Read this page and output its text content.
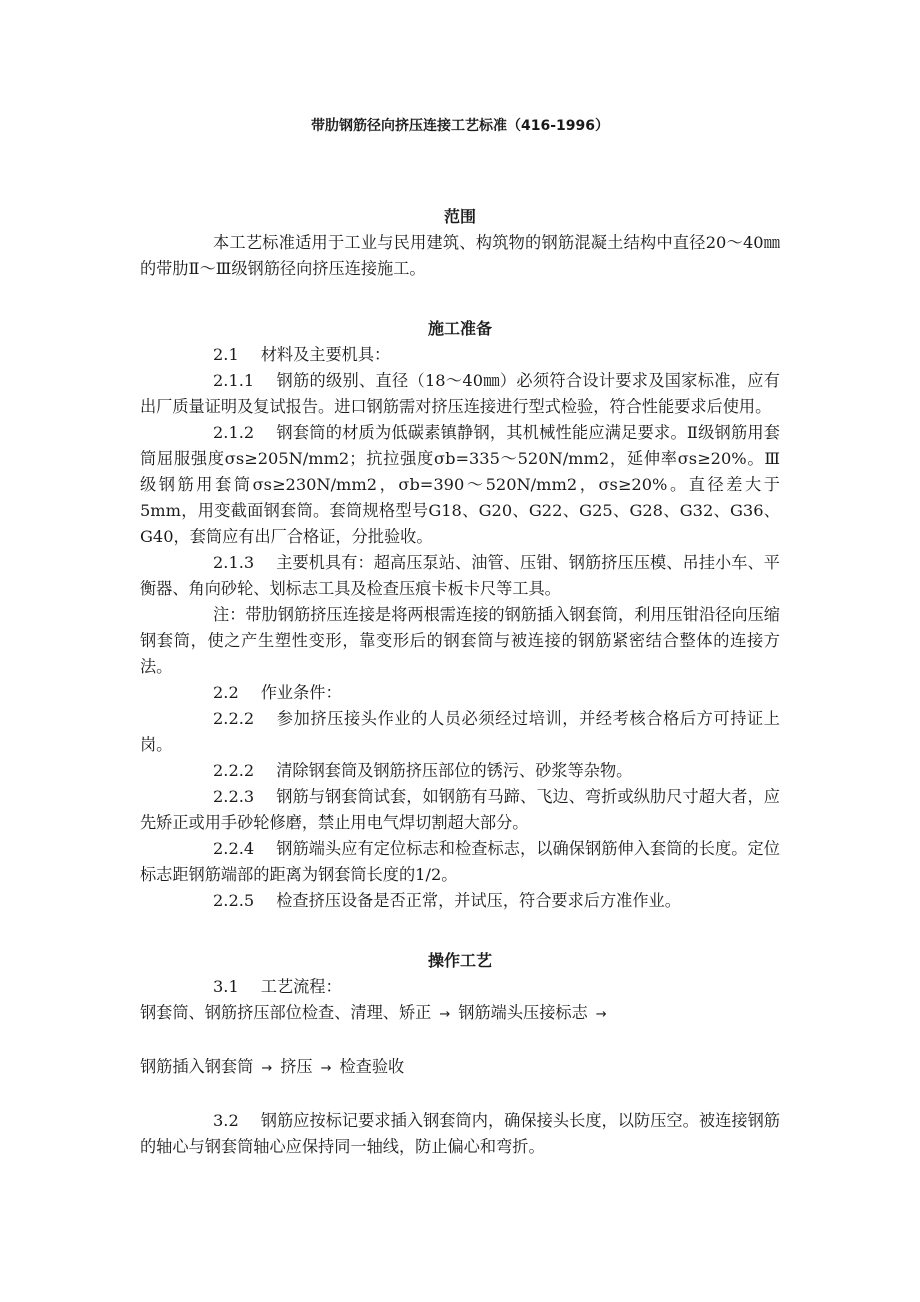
带肋钢筋径向挤压连接工艺标准（416-1996）

范围

本工艺标准适用于工业与民用建筑、构筑物的钢筋混凝土结构中直径20～40㎜的带肋Ⅱ～Ⅲ级钢筋径向挤压连接施工。

施工准备

2.1 材料及主要机具：

2.1.1 钢筋的级别、直径（18～40㎜）必须符合设计要求及国家标准，应有出厂质量证明及复试报告。进口钢筋需对挤压连接进行型式检验，符合性能要求后使用。

2.1.2 钢套筒的材质为低碳素镇静钢，其机械性能应满足要求。Ⅱ级钢筋用套筒屈服强度σs≥205N/mm2；抗拉强度σb=335～520N/mm2，延伸率σs≥20%。Ⅲ级钢筋用套筒σs≥230N/mm2，σb=390～520N/mm2，σs≥20%。直径差大于5mm，用变截面钢套筒。套筒规格型号G18、G20、G22、G25、G28、G32、G36、G40，套筒应有出厂合格证，分批验收。

2.1.3 主要机具有：超高压泵站、油管、压钳、钢筋挤压压模、吊挂小车、平衡器、角向砂轮、划标志工具及检查压痕卡板卡尺等工具。

注：带肋钢筋挤压连接是将两根需连接的钢筋插入钢套筒，利用压钳沿径向压缩钢套筒，使之产生塑性变形，靠变形后的钢套筒与被连接的钢筋紧密结合整体的连接方法。

2.2 作业条件：

2.2.2 参加挤压接头作业的人员必须经过培训，并经考核合格后方可持证上岗。

2.2.2 清除钢套筒及钢筋挤压部位的锈污、砂浆等杂物。

2.2.3 钢筋与钢套筒试套，如钢筋有马蹄、飞边、弯折或纵肋尺寸超大者，应先矫正或用手砂轮修磨，禁止用电气焊切割超大部分。

2.2.4 钢筋端头应有定位标志和检查标志，以确保钢筋伸入套筒的长度。定位标志距钢筋端部的距离为钢套筒长度的1/2。

2.2.5 检查挤压设备是否正常，并试压，符合要求后方准作业。

操作工艺

3.1 工艺流程：

钢套筒、钢筋挤压部位检查、清理、矫正 → 钢筋端头压接标志 →

钢筋插入钢套筒 → 挤压 → 检查验收

3.2 钢筋应按标记要求插入钢套筒内，确保接头长度，以防压空。被连接钢筋的轴心与钢套筒轴心应保持同一轴线，防止偏心和弯折。
